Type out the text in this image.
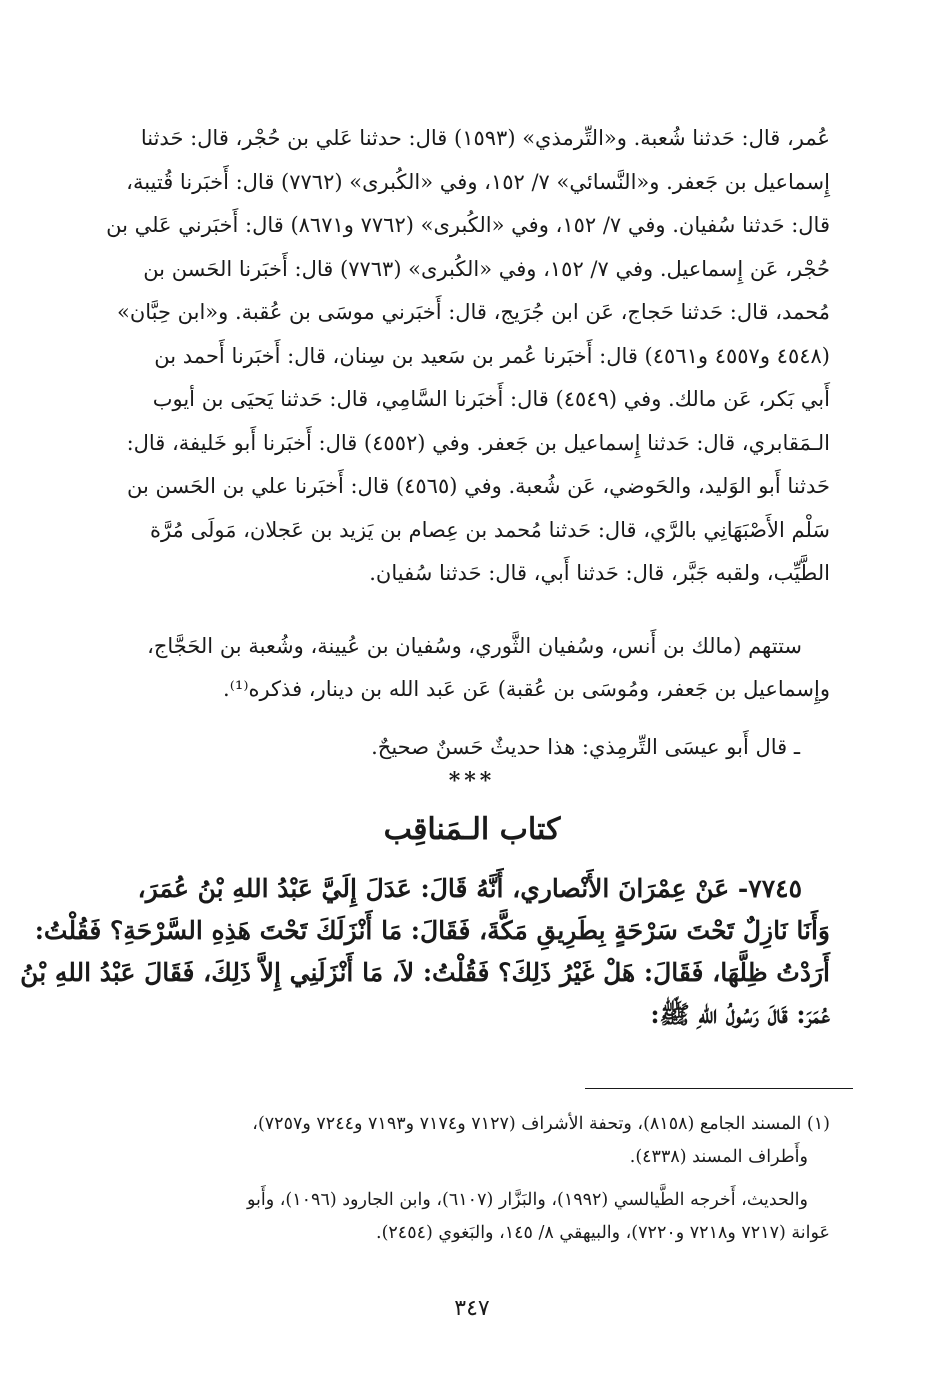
عُمر، قال: حَدثنا شُعبة. و«التِّرمذي» (١٥٩٣) قال: حدثنا عَلي بن حُجْر، قال: حَدثنا
إِسماعيل بن جَعفر. و«النَّسائي» ٧/ ١٥٢، وفي «الكُبرى» (٧٧٦٢) قال: أَخبَرنا قُتيبة،
قال: حَدثنا سُفيان. وفي ٧/ ١٥٢، وفي «الكُبرى» (٧٧٦٢ و٨٦٧١) قال: أَخبَرني عَلي بن
حُجْر، عَن إِسماعيل. وفي ٧/ ١٥٢، وفي «الكُبرى» (٧٧٦٣) قال: أَخبَرنا الحَسن بن
مُحمد، قال: حَدثنا حَجاج، عَن ابن جُرَيج، قال: أَخبَرني موسَى بن عُقبة. و«ابن حِبَّان»
(٤٥٤٨ و٤٥٥٧ و٤٥٦١) قال: أَخبَرنا عُمر بن سَعيد بن سِنان، قال: أَخبَرنا أَحمد بن
أَبي بَكر، عَن مالك. وفي (٤٥٤٩) قال: أَخبَرنا السَّامِي، قال: حَدثنا يَحيَى بن أيوب
الـمَقابري، قال: حَدثنا إِسماعيل بن جَعفر. وفي (٤٥٥٢) قال: أَخبَرنا أَبو خَليفة، قال:
حَدثنا أَبو الوَليد، والحَوضي، عَن شُعبة. وفي (٤٥٦٥) قال: أَخبَرنا علي بن الحَسن بن
سَلْم الأَصْبَهَانِي بالرَّي، قال: حَدثنا مُحمد بن عِصام بن يَزيد بن عَجلان، مَولَى مُرَّة
الطَّيِّب، ولقبه جَبَّر، قال: حَدثنا أَبي، قال: حَدثنا سُفيان.
ستتهم (مالك بن أَنس، وسُفيان الثَّوري، وسُفيان بن عُيينة، وشُعبة بن الحَجَّاج،
وإِسماعيل بن جَعفر، ومُوسَى بن عُقبة) عَن عَبد الله بن دينار، فذكره⁽¹⁾.
ـ قال أَبو عيسَى التِّرمِذي: هذا حديثٌ حَسنٌ صحيحٌ.
***
كتاب الـمَناقِب
٧٧٤٥- عَنْ عِمْرَانَ الأَنْصاري، أَنَّهُ قَالَ: عَدَلَ إِلَيَّ عَبْدُ اللهِ بْنُ عُمَرَ،
وَأَنَا نَازِلٌ تَحْتَ سَرْحَةٍ بِطَرِيقِ مَكَّةَ، فَقَالَ: مَا أَنْزَلَكَ تَحْتَ هَذِهِ السَّرْحَةِ؟ فَقُلْتُ:
أَرَدْتُ ظِلَّهَا، فَقَالَ: هَلْ غَيْرُ ذَلِكَ؟ فَقُلْتُ: لاَ، مَا أَنْزَلَنِي إِلاَّ ذَلِكَ، فَقَالَ عَبْدُ اللهِ بْنُ
عُمَرَ: قَالَ رَسُولُ اللهِ ﷺ:
(١) المسند الجامع (٨١٥٨)، وتحفة الأشراف (٧١٢٧ و٧١٧٤ و٧١٩٣ و٧٢٤٤ و٧٢٥٧)،
وأَطراف المسند (٤٣٣٨).
والحديث، أَخرجه الطَّيالسي (١٩٩٢)، والبَزَّار (٦١٠٧)، وابن الجارود (١٠٩٦)، وأَبو
عَوانة (٧٢١٧ و٧٢١٨ و٧٢٢٠)، والبيهقي ٨/ ١٤٥، والبَغوي (٢٤٥٤).
٣٤٧
